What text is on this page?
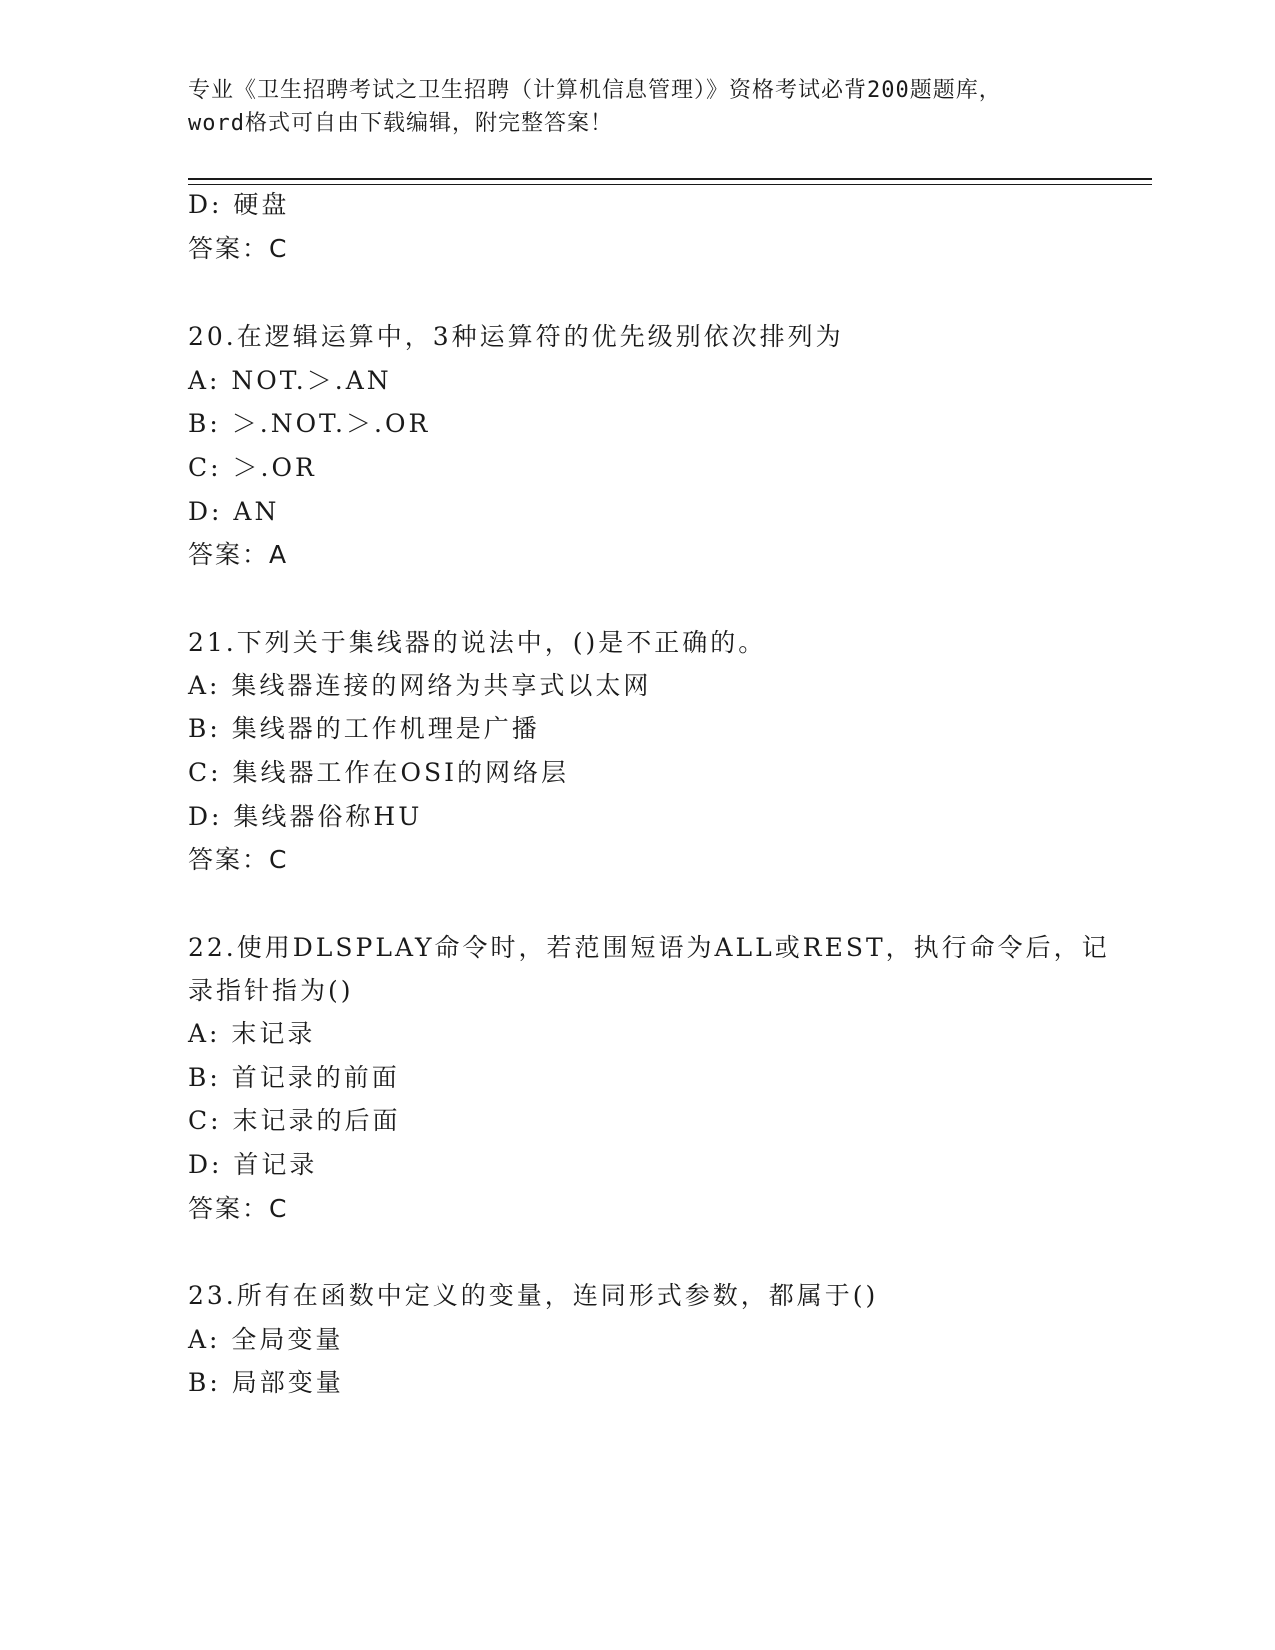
专业《卫生招聘考试之卫生招聘（计算机信息管理）》资格考试必背200题题库，
word格式可自由下载编辑，附完整答案！
D: 硬盘
答案：C
20.在逻辑运算中，3种运算符的优先级别依次排列为
A: NOT.＞.AN
B: ＞.NOT.＞.OR
C: ＞.OR
D: AN
答案：A
21.下列关于集线器的说法中，()是不正确的。
A: 集线器连接的网络为共享式以太网
B: 集线器的工作机理是广播
C: 集线器工作在OSI的网络层
D: 集线器俗称HU
答案：C
22.使用DLSPLAY命令时，若范围短语为ALL或REST，执行命令后，记
录指针指为()
A: 末记录
B: 首记录的前面
C: 末记录的后面
D: 首记录
答案：C
23.所有在函数中定义的变量，连同形式参数，都属于()
A: 全局变量
B: 局部变量
